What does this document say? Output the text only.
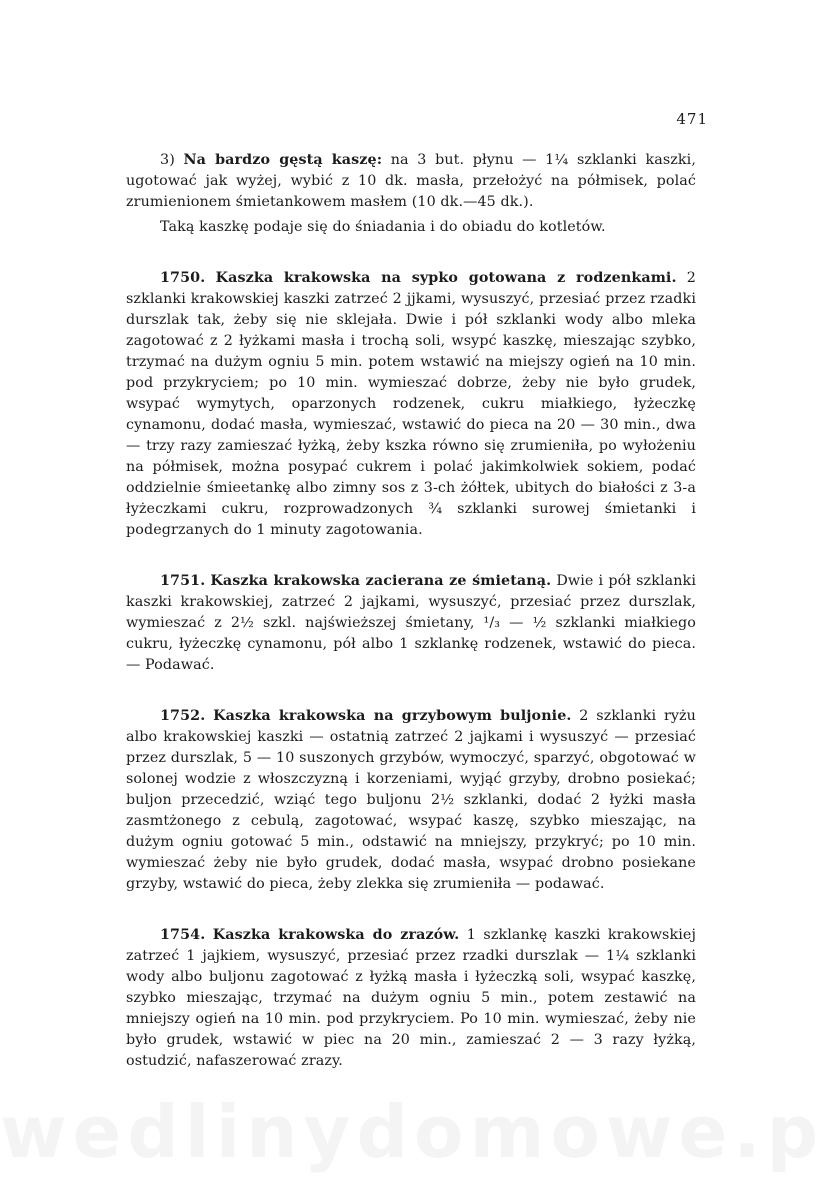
471

3) Na bardzo gęstą kaszę: na 3 but. płynu — 1¼ szklanki kaszki, ugotować jak wyżej, wybić z 10 dk. masła, przełożyć na półmisek, polać zrumienionem śmietankowem masłem (10 dk.—45 dk.).

Taką kaszkę podaje się do śniadania i do obiadu do kotletów.

1750. Kaszka krakowska na sypko gotowana z rodzenkami. 2 szklanki krakowskiej kaszki zatrzeć 2 jjkami, wysuszyć, przesiać przez rzadki durszlak tak, żeby się nie sklejała. Dwie i pół szklanki wody albo mleka zagotować z 2 łyżkami masła i trochą soli, wsypć kaszkę, mieszając szybko, trzymać na dużym ogniu 5 min. potem wstawić na miejszy ogień na 10 min. pod przykryciem; po 10 min. wymieszać dobrze, żeby nie było grudek, wsypać wymytych, oparzonych rodzenek, cukru miałkiego, łyżeczkę cynamonu, dodać masła, wymieszać, wstawić do pieca na 20 — 30 min., dwa — trzy razy zamieszać łyżką, żeby kszka równo się zrumieniła, po wyłożeniu na półmisek, można posypać cukrem i polać jakimkolwiek sokiem, podać oddzielnie śmieetankę albo zimny sos z 3-ch żółtek, ubitych do białości z 3-a łyżeczkami cukru, rozprowadzonych ¾ szklanki surowej śmietanki i podegrzanych do 1 minuty zagotowania.

1751. Kaszka krakowska zacierana ze śmietaną. Dwie i pół szklanki kaszki krakowskiej, zatrzeć 2 jajkami, wysuszyć, przesiać przez durszlak, wymieszać z 2½ szkl. najświeższej śmietany, ¹/₃ — ½ szklanki miałkiego cukru, łyżeczkę cynamonu, pół albo 1 szklankę rodzenek, wstawić do pieca. — Podawać.

1752. Kaszka krakowska na grzybowym buljonie. 2 szklanki ryżu albo krakowskiej kaszki — ostatnią zatrzeć 2 jajkami i wysuszyć — przesiać przez durszlak, 5 — 10 suszonych grzybów, wymoczyć, sparzyć, obgotować w solonej wodzie z włoszczyzną i korzeniami, wyjąć grzyby, drobno posiekać; buljon przecedzić, wziąć tego buljonu 2½ szklanki, dodać 2 łyżki masła zasmtżonego z cebulą, zagotować, wsypać kaszę, szybko mieszając, na dużym ogniu gotować 5 min., odstawić na mniejszy, przykryć; po 10 min. wymieszać żeby nie było grudek, dodać masła, wsypać drobno posiekane grzyby, wstawić do pieca, żeby zlekka się zrumieniła — podawać.

1754. Kaszka krakowska do zrazów. 1 szklankę kaszki krakowskiej zatrzeć 1 jajkiem, wysuszyć, przesiać przez rzadki durszlak — 1¼ szklanki wody albo buljonu zagotować z łyżką masła i łyżeczką soli, wsypać kaszkę, szybko mieszając, trzymać na dużym ogniu 5 min., potem zestawić na mniejszy ogień na 10 min. pod przykryciem. Po 10 min. wymieszać, żeby nie było grudek, wstawić w piec na 20 min., zamieszać 2 — 3 razy łyżką, ostudzić, nafaszerować zrazy.
